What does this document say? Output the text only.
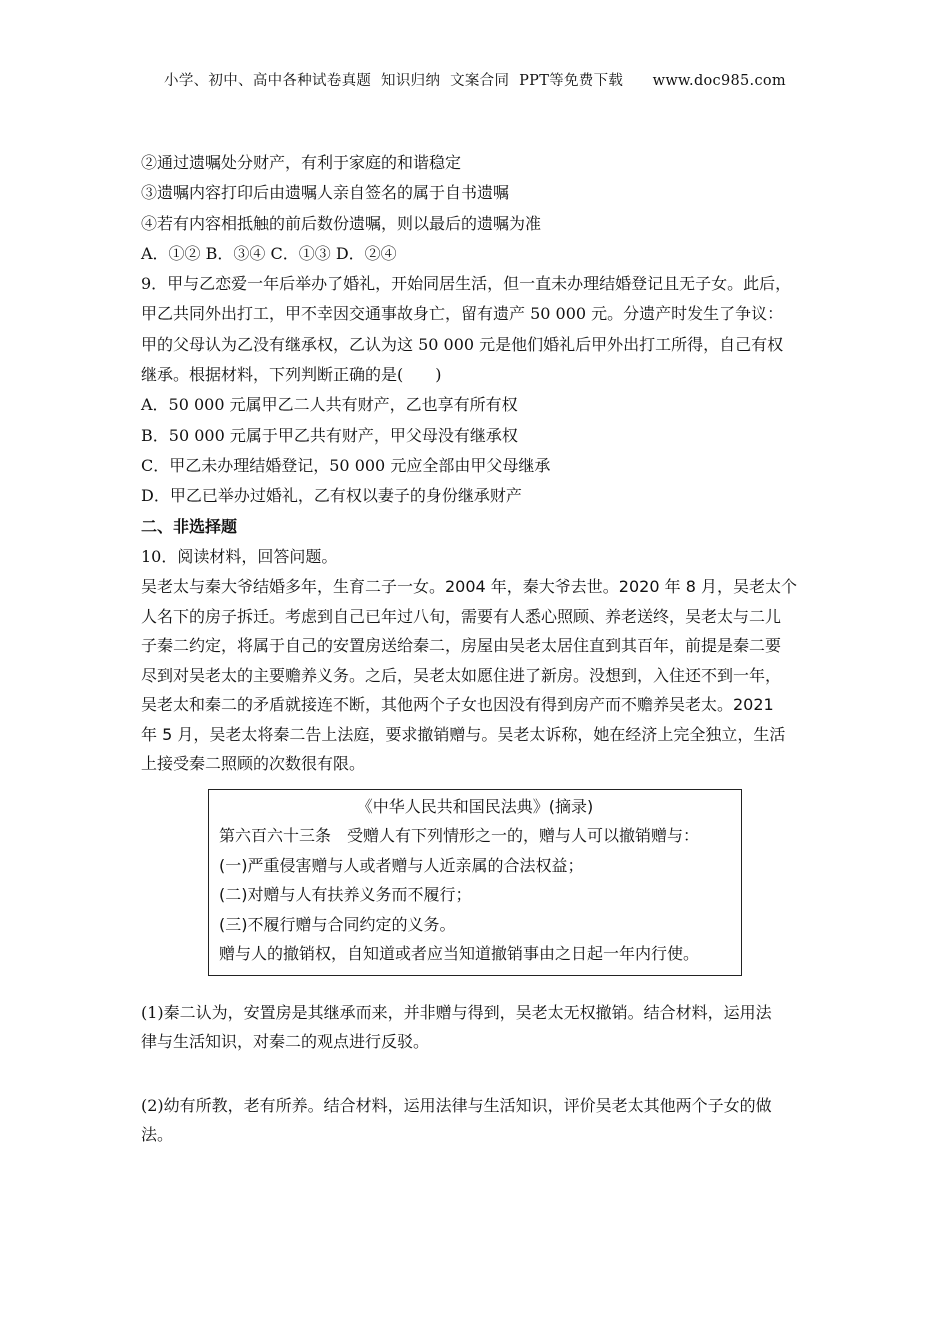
小学、初中、高中各种试卷真题  知识归纳  文案合同  PPT等免费下载      www.doc985.com
②通过遗嘱处分财产，有利于家庭的和谐稳定
③遗嘱内容打印后由遗嘱人亲自签名的属于自书遗嘱
④若有内容相抵触的前后数份遗嘱，则以最后的遗嘱为准
A．①② B．③④ C．①③ D．②④
9．甲与乙恋爱一年后举办了婚礼，开始同居生活，但一直未办理结婚登记且无子女。此后，
甲乙共同外出打工，甲不幸因交通事故身亡，留有遗产 50 000 元。分遗产时发生了争议：
甲的父母认为乙没有继承权，乙认为这 50 000 元是他们婚礼后甲外出打工所得，自己有权
继承。根据材料，下列判断正确的是(　　)
A．50 000 元属甲乙二人共有财产，乙也享有所有权
B．50 000 元属于甲乙共有财产，甲父母没有继承权
C．甲乙未办理结婚登记，50 000 元应全部由甲父母继承
D．甲乙已举办过婚礼，乙有权以妻子的身份继承财产
二、非选择题
10．阅读材料，回答问题。
吴老太与秦大爷结婚多年，生育二子一女。2004 年，秦大爷去世。2020 年 8 月，吴老太个
人名下的房子拆迁。考虑到自己已年过八旬，需要有人悉心照顾、养老送终，吴老太与二儿
子秦二约定，将属于自己的安置房送给秦二，房屋由吴老太居住直到其百年，前提是秦二要
尽到对吴老太的主要赡养义务。之后，吴老太如愿住进了新房。没想到，入住还不到一年，
吴老太和秦二的矛盾就接连不断，其他两个子女也因没有得到房产而不赡养吴老太。2021
年 5 月，吴老太将秦二告上法庭，要求撤销赠与。吴老太诉称，她在经济上完全独立，生活
上接受秦二照顾的次数很有限。
《中华人民共和国民法典》(摘录)
第六百六十三条　受赠人有下列情形之一的，赠与人可以撤销赠与：
(一)严重侵害赠与人或者赠与人近亲属的合法权益；
(二)对赠与人有扶养义务而不履行；
(三)不履行赠与合同约定的义务。
赠与人的撤销权，自知道或者应当知道撤销事由之日起一年内行使。
(1)秦二认为，安置房是其继承而来，并非赠与得到，吴老太无权撤销。结合材料，运用法
律与生活知识，对秦二的观点进行反驳。
(2)幼有所教，老有所养。结合材料，运用法律与生活知识，评价吴老太其他两个子女的做
法。
